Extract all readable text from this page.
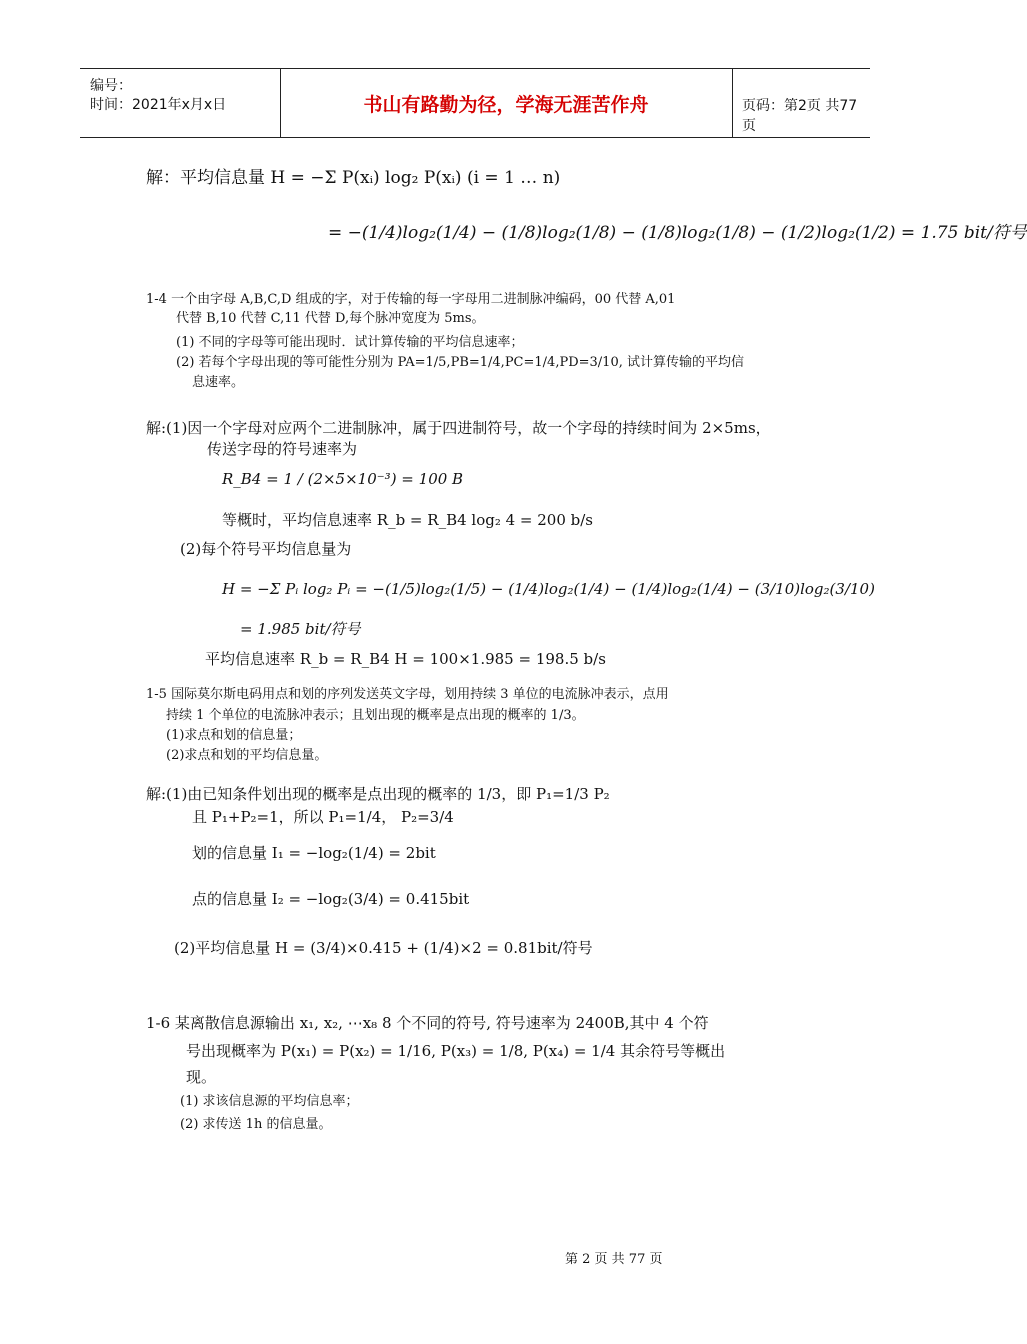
编号：
时间：2021年x月x日	书山有路勤为径，学海无涯苦作舟	页码：第2页 共77页
解：平均信息量 H = −Σ P(xᵢ) log₂ P(xᵢ) (i = 1 … n)
= −(1/4)log₂(1/4) − (1/8)log₂(1/8) − (1/8)log₂(1/8) − (1/2)log₂(1/2) = 1.75 bit/符号
1-4 一个由字母 A,B,C,D 组成的字，对于传输的每一字母用二进制脉冲编码，00 代替 A,01
代替 B,10 代替 C,11 代替 D,每个脉冲宽度为 5ms。
(1) 不同的字母等可能出现时．试计算传输的平均信息速率；
(2) 若每个字母出现的等可能性分别为 PA=1/5,PB=1/4,PC=1/4,PD=3/10, 试计算传输的平均信
息速率。
解:(1)因一个字母对应两个二进制脉冲，属于四进制符号，故一个字母的持续时间为 2×5ms，
传送字母的符号速率为
R_B4 = 1 / (2×5×10⁻³) = 100 B
等概时，平均信息速率 R_b = R_B4 log₂ 4 = 200 b/s
(2)每个符号平均信息量为
H = −Σ Pᵢ log₂ Pᵢ = −(1/5)log₂(1/5) − (1/4)log₂(1/4) − (1/4)log₂(1/4) − (3/10)log₂(3/10)
= 1.985 bit/符号
平均信息速率 R_b = R_B4 H = 100×1.985 = 198.5 b/s
1-5 国际莫尔斯电码用点和划的序列发送英文字母，划用持续 3 单位的电流脉冲表示，点用
持续 1 个单位的电流脉冲表示；且划出现的概率是点出现的概率的 1/3。
(1)求点和划的信息量；
(2)求点和划的平均信息量。
解:(1)由已知条件划出现的概率是点出现的概率的 1/3，即 P₁=1/3 P₂
且 P₁+P₂=1，所以 P₁=1/4， P₂=3/4
划的信息量 I₁ = −log₂(1/4) = 2bit
点的信息量 I₂ = −log₂(3/4) = 0.415bit
(2)平均信息量 H = (3/4)×0.415 + (1/4)×2 = 0.81bit/符号
1-6 某离散信息源输出 x₁, x₂, ⋯x₈ 8 个不同的符号, 符号速率为 2400B,其中 4 个符
号出现概率为 P(x₁) = P(x₂) = 1/16, P(x₃) = 1/8, P(x₄) = 1/4 其余符号等概出
现。
(1) 求该信息源的平均信息率；
(2) 求传送 1h 的信息量。
第 2 页 共 77 页
